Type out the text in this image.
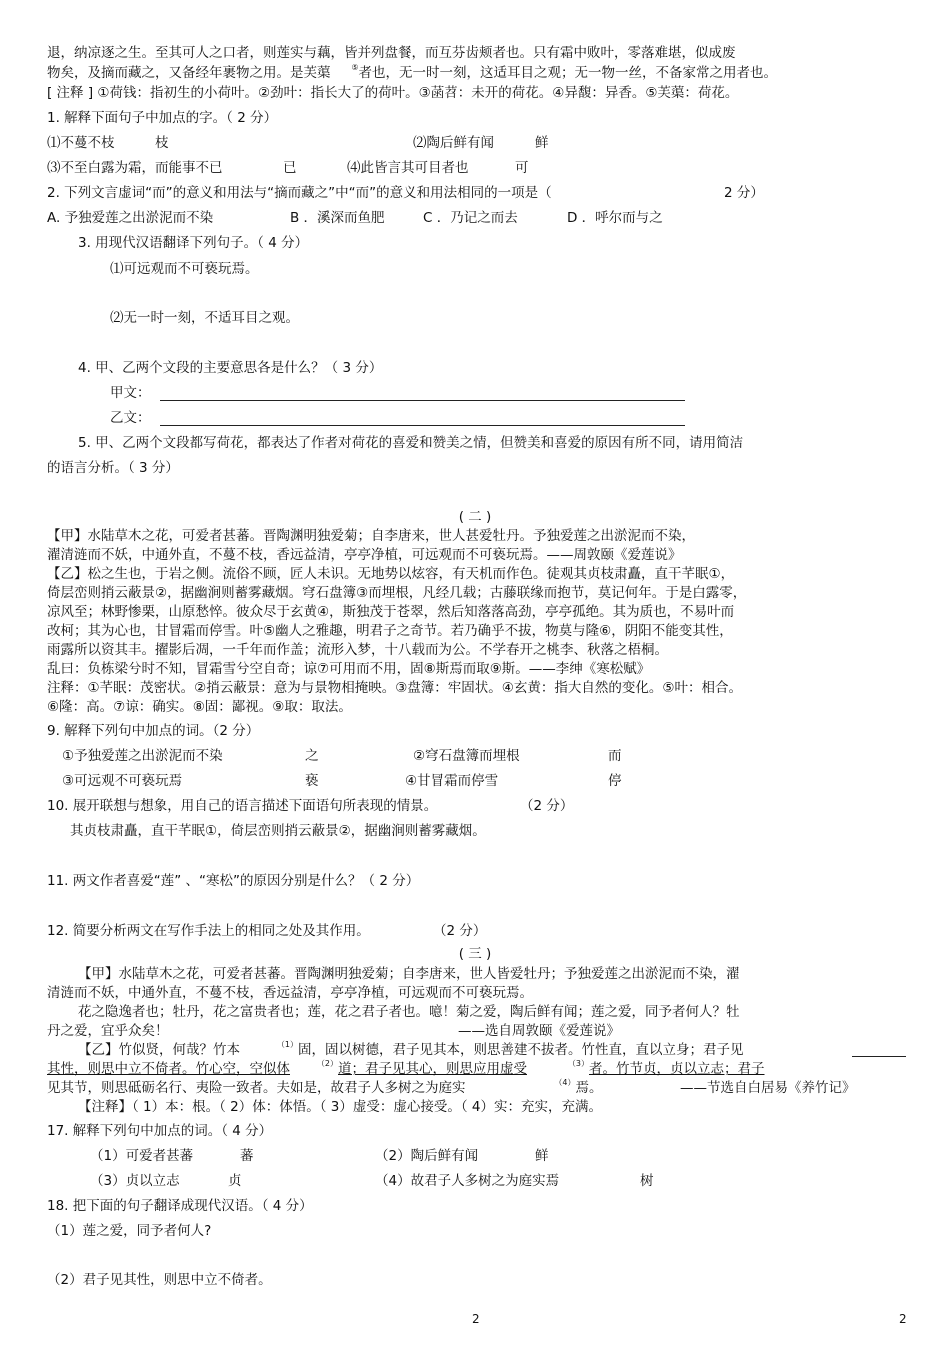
退，纳凉逐之生。至其可人之口者，则莲实与藕，皆并列盘餐，而互芬齿颊者也。只有霜中败叶，零落难堪，似成废
物矣，及摘而藏之，又备经年裹物之用。是芙蕖	⑤者也，无一时一刻，这适耳目之观；无一物一丝，不备家常之用者也。
[ 注释 ] ①荷钱：指初生的小荷叶。②劲叶：指长大了的荷叶。③菡苕：未开的荷花。④异馥：异香。⑤芙蕖：荷花。
1. 解释下面句子中加点的字。（ 2 分）
⑴不蔓不枝	枝	⑵陶后鲜有闻	鲜
⑶不至白露为霜，而能事不已	已	⑷此皆言其可目者也	可
2. 下列文言虚词“而”的意义和用法与“摘而藏之”中“而”的意义和用法相同的一项是（	2 分）
A. 予独爱莲之出淤泥而不染	B ．溪深而鱼肥	C ．乃记之而去	D ．呼尔而与之
3. 用现代汉语翻译下列句子。（ 4 分）
⑴可远观而不可亵玩焉。
⑵无一时一刻，不适耳目之观。
4. 甲、乙两个文段的主要意思各是什么？（ 3 分）
甲文：
乙文：
5. 甲、乙两个文段都写荷花，都表达了作者对荷花的喜爱和赞美之情，但赞美和喜爱的原因有所不同，请用简洁
的语言分析。（ 3 分）
( 二 )
【甲】水陆草木之花，可爱者甚蕃。晋陶渊明独爱菊；自李唐来，世人甚爱牡丹。予独爱莲之出淤泥而不染，
濯清涟而不妖，中通外直，不蔓不枝，香远益清，亭亭净植，可远观而不可亵玩焉。——周敦颐《爱莲说》
【乙】松之生也，于岩之侧。流俗不顾，匠人未识。无地势以炫容，有天机而作色。徒观其贞枝肃矗，直干芊眠①，
倚层峦则捎云蔽景②，据幽涧则蓄雾藏烟。穹石盘簿③而埋根，凡经几载；古藤联缘而抱节，莫记何年。于是白露零，
凉风至；林野惨栗，山原愁悴。彼众尽于玄黄④，斯独茂于苍翠，然后知落落高劲，亭亭孤绝。其为质也，不易叶而
改柯；其为心也，甘冒霜而停雪。叶⑤幽人之雅趣，明君子之奇节。若乃确乎不拔，物莫与隆⑥，阴阳不能变其性，
雨露所以资其丰。擢影后凋，一千年而作盖；流形入梦，十八载而为公。不学春开之桃李、秋落之梧桐。
乱曰：负栋梁兮时不知，冒霜雪兮空自奇；谅⑦可用而不用，固⑧斯焉而取⑨斯。——李绅《寒松赋》
注释：①芊眠：茂密状。②捎云蔽景：意为与景物相掩映。③盘簿：牢固状。④玄黄：指大自然的变化。⑤叶：相合。
⑥隆：高。⑦谅：确实。⑧固：鄙视。⑨取：取法。
9. 解释下列句中加点的词。（2 分）
①予独爱莲之出淤泥而不染	之	②穹石盘簿而埋根	而
③可远观不可亵玩焉	亵	④甘冒霜而停雪	停
10. 展开联想与想象，用自己的语言描述下面语句所表现的情景。	（2 分）
其贞枝肃矗，直干芊眠①，倚层峦则捎云蔽景②，据幽涧则蓄雾藏烟。
11. 两文作者喜爱“莲” 、“寒松”的原因分别是什么？（ 2 分）
12. 简要分析两文在写作手法上的相同之处及其作用。	（2 分）
( 三 )
【甲】水陆草木之花，可爱者甚蕃。晋陶渊明独爱菊；自李唐来，世人皆爱牡丹；予独爱莲之出淤泥而不染，濯
清涟而不妖，中通外直，不蔓不枝，香远益清，亭亭净植，可远观而不可亵玩焉。
花之隐逸者也；牡丹，花之富贵者也；莲，花之君子者也。噫！菊之爱，陶后鲜有闻；莲之爱，同予者何人？牡
丹之爱，宜乎众矣！	——选自周敦颐《爱莲说》
【乙】竹似贤，何哉？竹本	（1）固，固以树德，君子见其本，则思善建不拔者。竹性直，直以立身；君子见
其性，则思中立不倚者。竹心空，空似体	（2）道；君子见其心，则思应用虚受	（3）者。竹节贞，贞以立志；君子
见其节，则思砥砺名行、夷险一致者。夫如是，故君子人多树之为庭实	（4）焉。	——节选自白居易《养竹记》
【注释】（ 1）本：根。（ 2）体：体悟。（ 3）虚受：虚心接受。（ 4）实：充实，充满。
17. 解释下列句中加点的词。（ 4 分）
（1）可爱者甚蕃	蕃	（2）陶后鲜有闻	鲜
（3）贞以立志	贞	（4）故君子人多树之为庭实焉	树
18. 把下面的句子翻译成现代汉语。（ 4 分）
（1）莲之爱，同予者何人?
（2）君子见其性，则思中立不倚者。
2	2
